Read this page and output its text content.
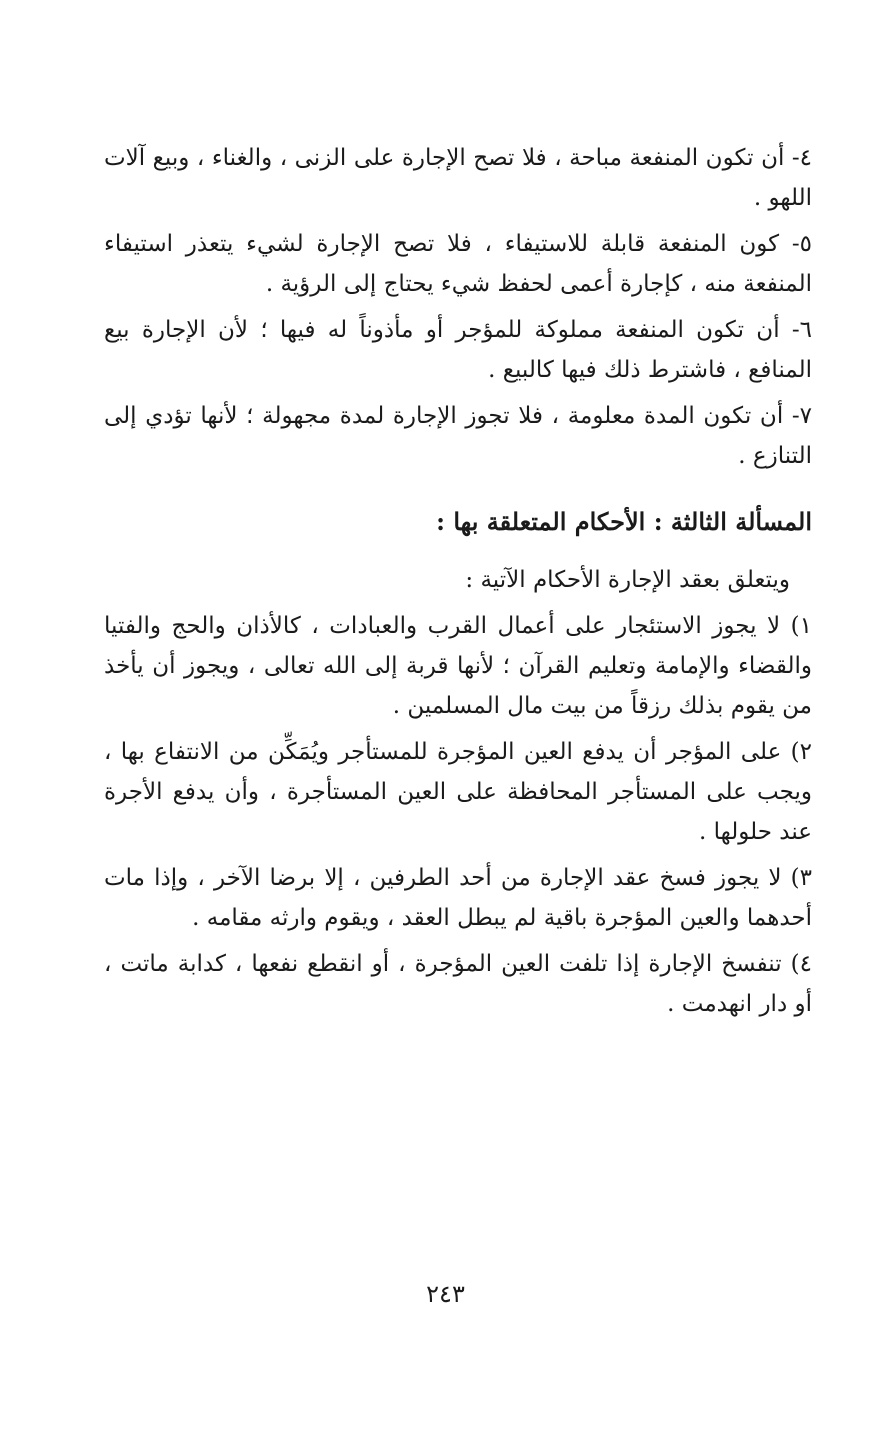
٤- أن تكون المنفعة مباحة ، فلا تصح الإجارة على الزنى ، والغناء ، وبيع آلات اللهو .

٥- كون المنفعة قابلة للاستيفاء ، فلا تصح الإجارة لشيء يتعذر استيفاء المنفعة منه ، كإجارة أعمى لحفظ شيء يحتاج إلى الرؤية .

٦- أن تكون المنفعة مملوكة للمؤجر أو مأذوناً له فيها ؛ لأن الإجارة بيع المنافع ، فاشترط ذلك فيها كالبيع .

٧- أن تكون المدة معلومة ، فلا تجوز الإجارة لمدة مجهولة ؛ لأنها تؤدي إلى التنازع .

المسألة الثالثة : الأحكام المتعلقة بها :

ويتعلق بعقد الإجارة الأحكام الآتية :

١) لا يجوز الاستئجار على أعمال القرب والعبادات ، كالأذان والحج والفتيا والقضاء والإمامة وتعليم القرآن ؛ لأنها قربة إلى الله تعالى ، ويجوز أن يأخذ من يقوم بذلك رزقاً من بيت مال المسلمين .

٢) على المؤجر أن يدفع العين المؤجرة للمستأجر ويُمَكِّن من الانتفاع بها ، ويجب على المستأجر المحافظة على العين المستأجرة ، وأن يدفع الأجرة عند حلولها .

٣) لا يجوز فسخ عقد الإجارة من أحد الطرفين ، إلا برضا الآخر ، وإذا مات أحدهما والعين المؤجرة باقية لم يبطل العقد ، ويقوم وارثه مقامه .

٤) تنفسخ الإجارة إذا تلفت العين المؤجرة ، أو انقطع نفعها ، كدابة ماتت ، أو دار انهدمت .

٢٤٣
